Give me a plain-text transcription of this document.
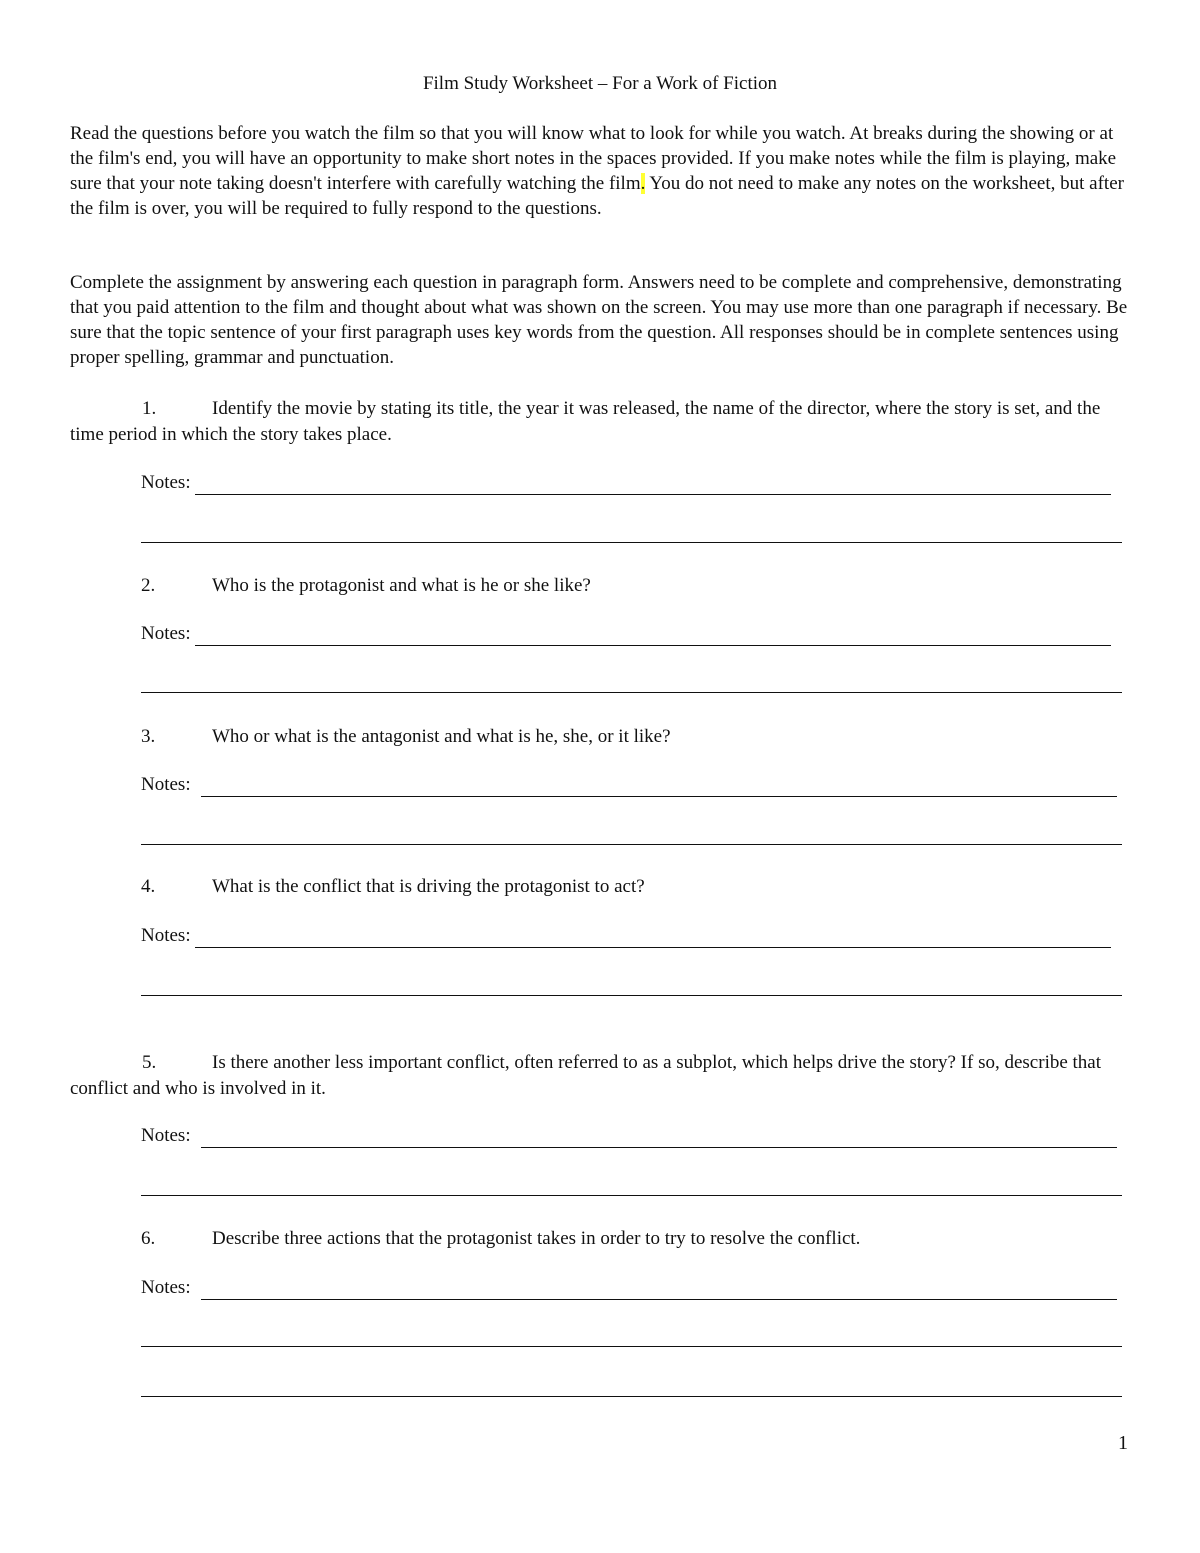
Film Study Worksheet – For a Work of Fiction
Read the questions before you watch the film so that you will know what to look for while you watch. At breaks during the showing or at the film's end, you will have an opportunity to make short notes in the spaces provided. If you make notes while the film is playing, make sure that your note taking doesn't interfere with carefully watching the film. You do not need to make any notes on the worksheet, but after the film is over, you will be required to fully respond to the questions.
Complete the assignment by answering each question in paragraph form. Answers need to be complete and comprehensive, demonstrating that you paid attention to the film and thought about what was shown on the screen. You may use more than one paragraph if necessary. Be sure that the topic sentence of your first paragraph uses key words from the question. All responses should be in complete sentences using proper spelling, grammar and punctuation.
1.	Identify the movie by stating its title, the year it was released, the name of the director, where the story is set, and the time period in which the story takes place.
Notes:
2.	Who is the protagonist and what is he or she like?
Notes:
3.	Who or what is the antagonist and what is he, she, or it like?
Notes:
4.	What is the conflict that is driving the protagonist to act?
Notes:
5.	Is there another less important conflict, often referred to as a subplot, which helps drive the story? If so, describe that conflict and who is involved in it.
Notes:
6.	Describe three actions that the protagonist takes in order to try to resolve the conflict.
Notes:
1
